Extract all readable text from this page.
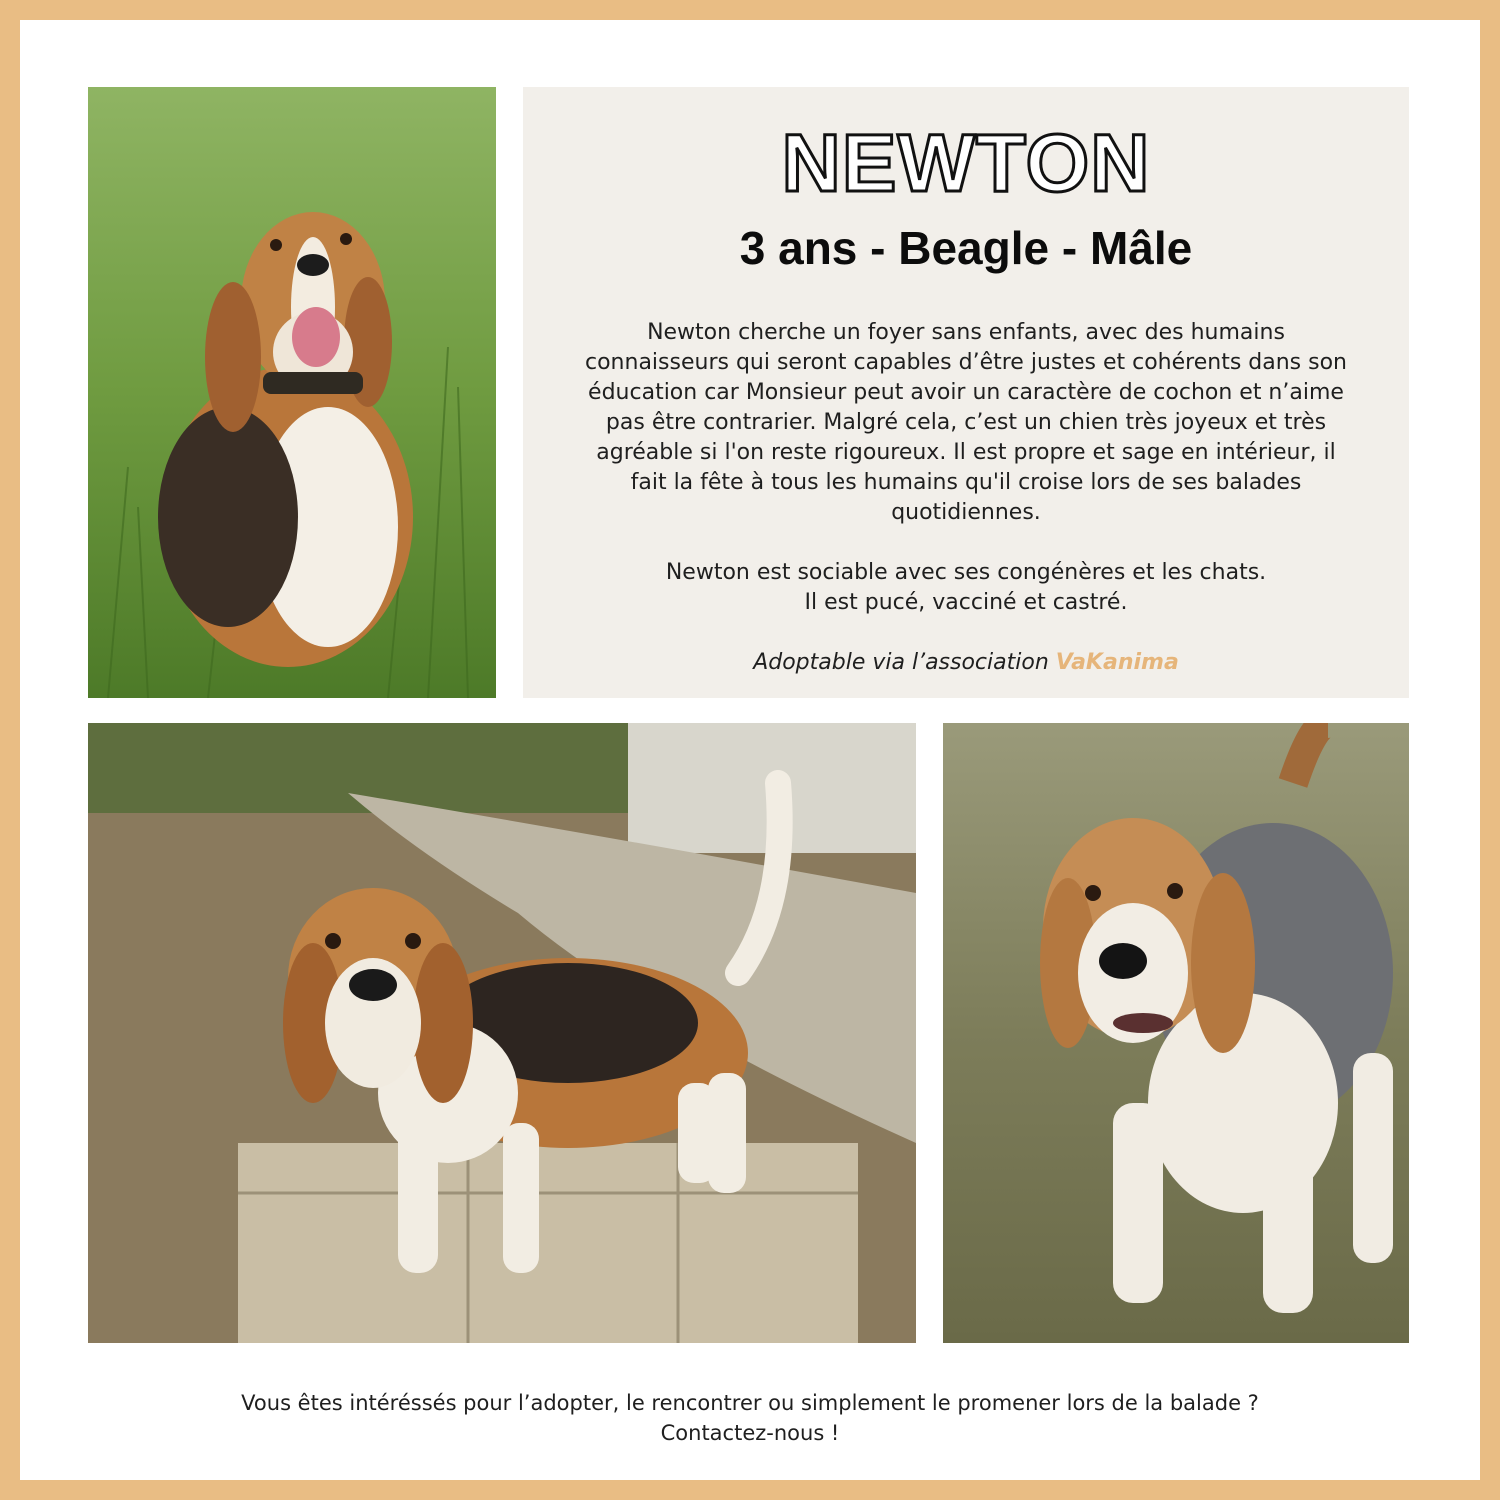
NEWTON
3 ans - Beagle - Mâle

Newton cherche un foyer sans enfants, avec des humains connaisseurs qui seront capables d’être justes et cohérents dans son éducation car Monsieur peut avoir un caractère de cochon et n’aime pas être contrarier. Malgré cela, c’est un chien très joyeux et très agréable si l'on reste rigoureux. Il est propre et sage en intérieur, il fait la fête à tous les humains qu'il croise lors de ses balades quotidiennes.

Newton est sociable avec ses congénères et les chats.
Il est pucé, vacciné et castré.
Adoptable via l’association VaKanima
Vous êtes intéréssés pour l’adopter, le rencontrer ou simplement le promener lors de la balade ?
Contactez-nous !
